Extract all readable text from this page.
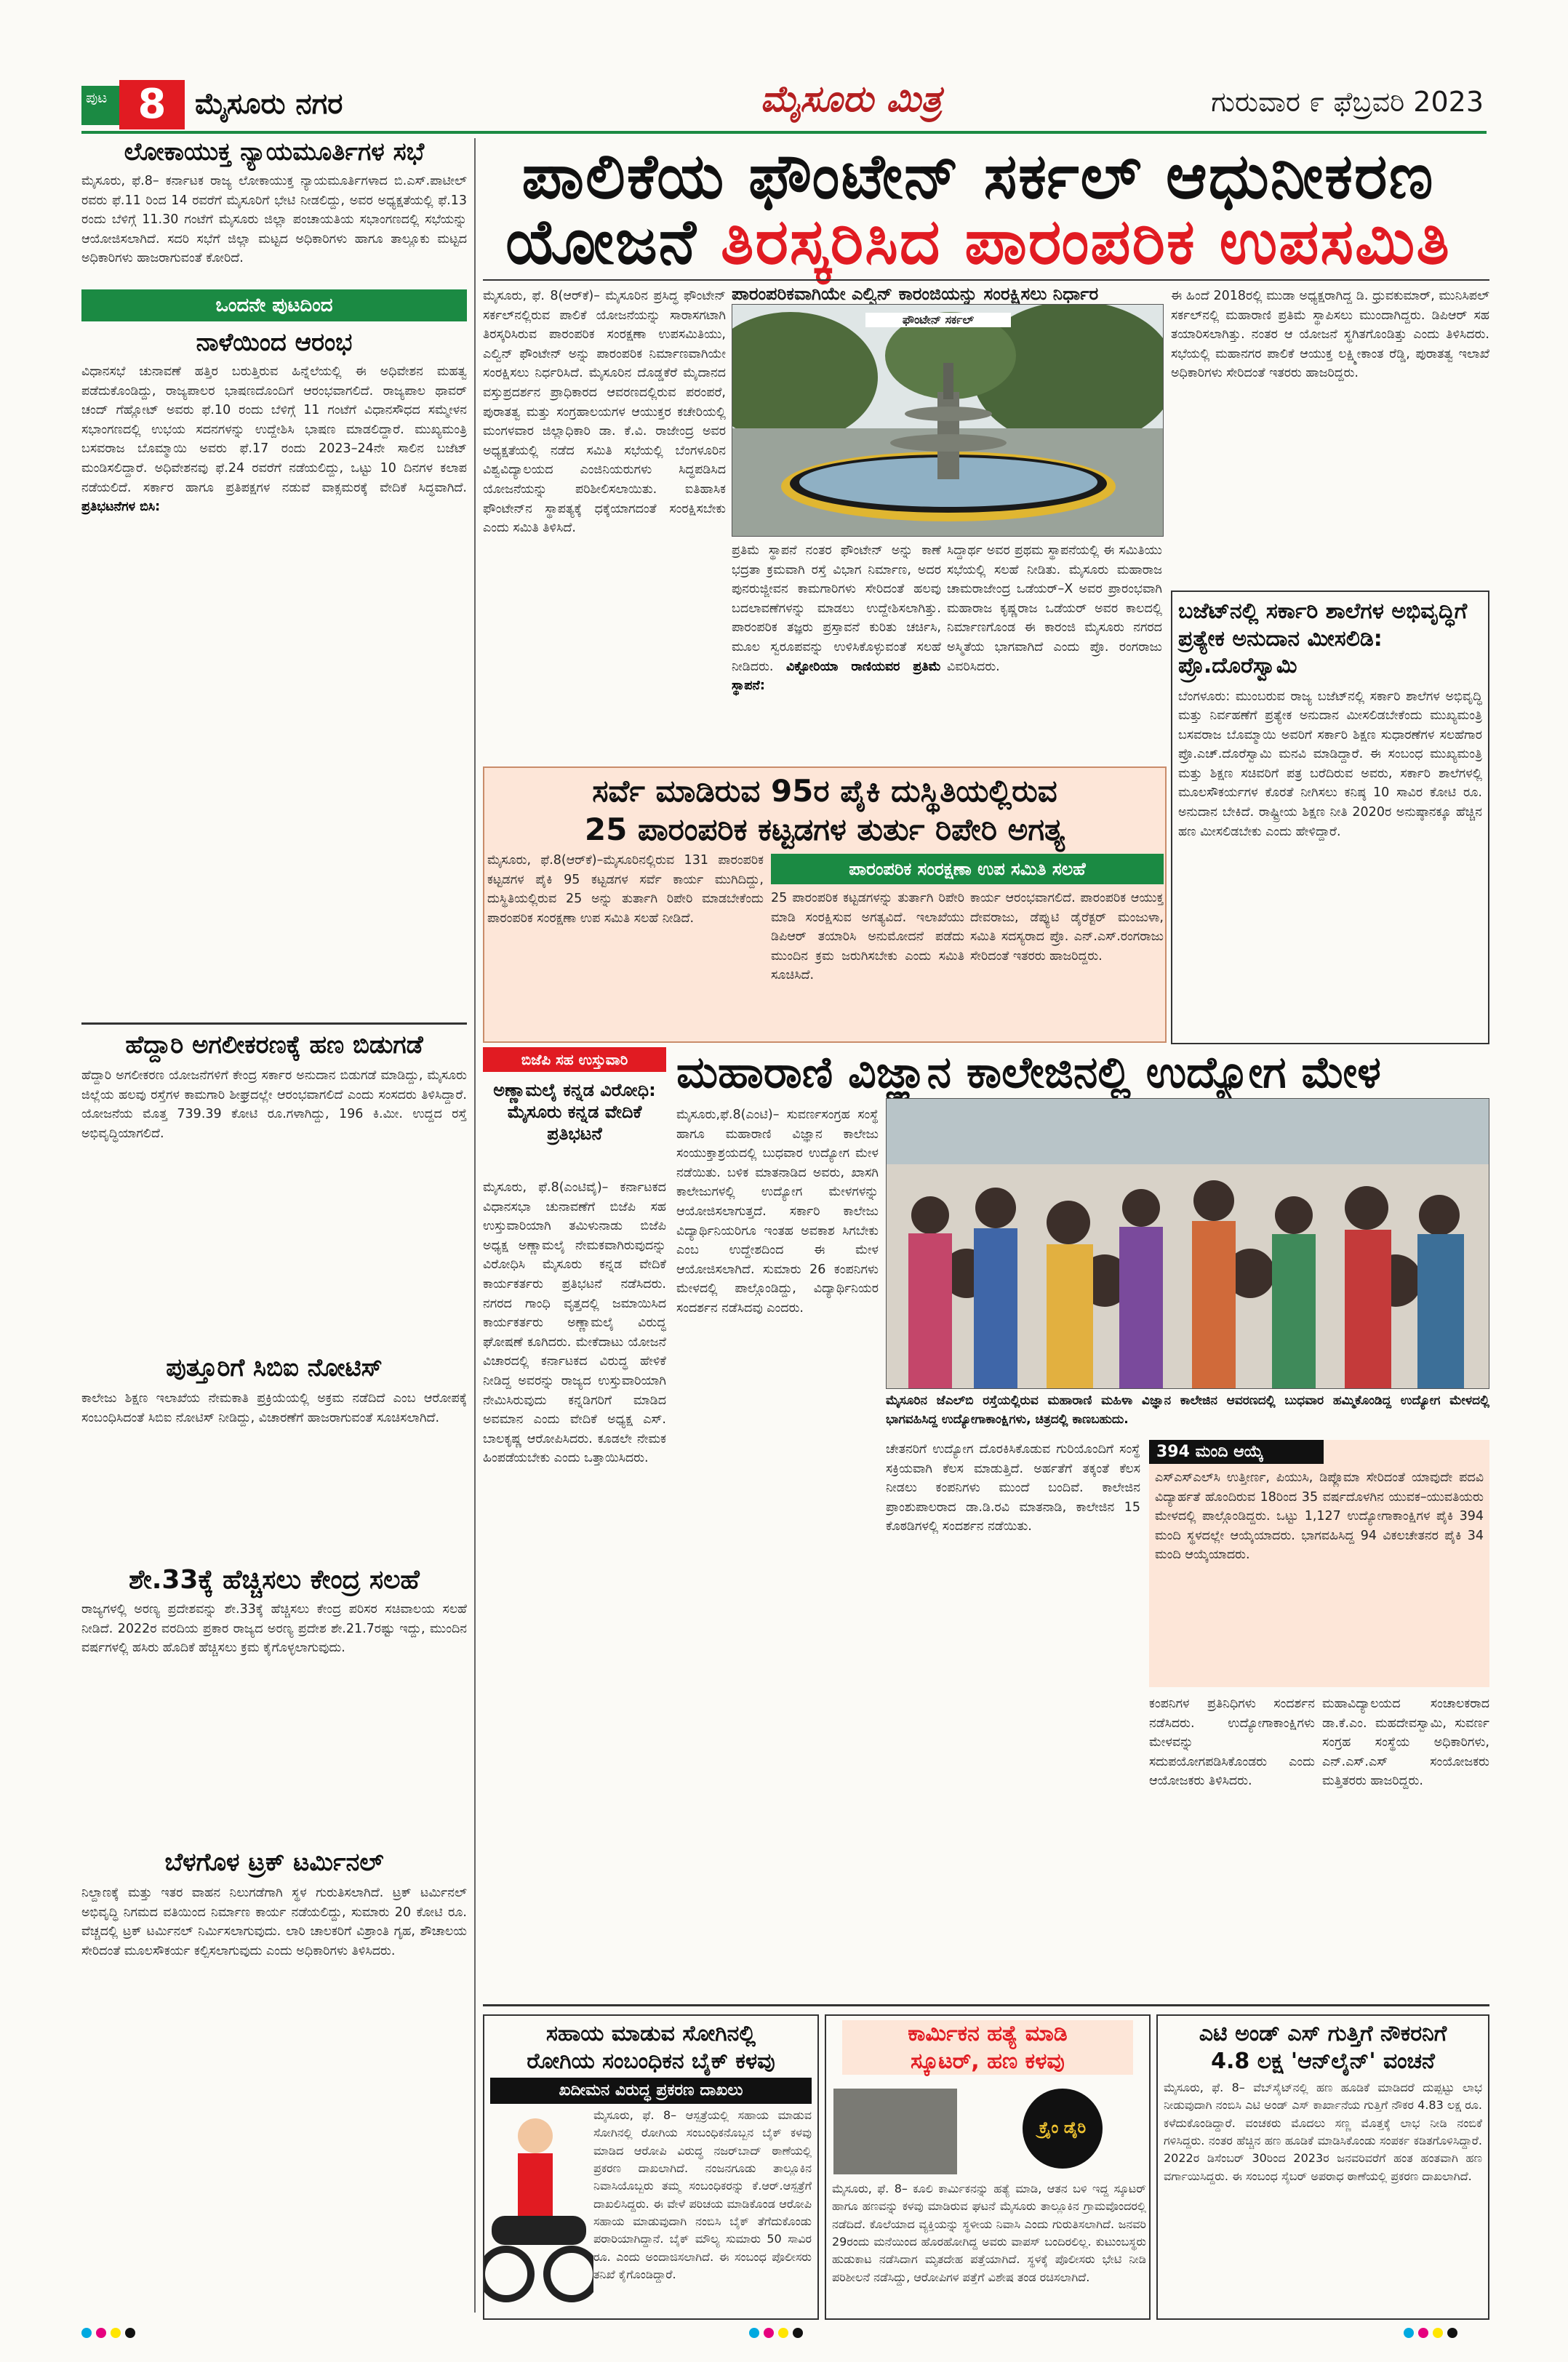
ಪುಟ 8 ಮೈಸೂರು ನಗರ	ಮೈಸೂರು ಮಿತ್ರ	ಗುರುವಾರ ೯ ಫೆಬ್ರವರಿ 2023
ಲೋಕಾಯುಕ್ತ ನ್ಯಾಯಮೂರ್ತಿಗಳ ಸಭೆ
ಮೈಸೂರು, ಫೆ.8– ಕರ್ನಾಟಕ ರಾಜ್ಯ ಲೋಕಾಯುಕ್ತ ನ್ಯಾಯಮೂರ್ತಿಗಳಾದ ಬಿ.ಎಸ್.ಪಾಟೀಲ್ ರವರು ಫೆ.11 ರಿಂದ 14 ರವರೆಗೆ ಮೈಸೂರಿಗೆ ಭೇಟಿ ನೀಡಲಿದ್ದು, ಅವರ ಅಧ್ಯಕ್ಷತೆಯಲ್ಲಿ ಫೆ.13 ರಂದು ಬೆಳಿಗ್ಗೆ 11.30 ಗಂಟೆಗೆ ಮೈಸೂರು ಜಿಲ್ಲಾ ಪಂಚಾಯತಿಯ ಸಭಾಂಗಣದಲ್ಲಿ ಸಭೆಯನ್ನು ಆಯೋಜಿಸಲಾಗಿದೆ. ಸದರಿ ಸಭೆಗೆ ಜಿಲ್ಲಾ ಮಟ್ಟದ ಅಧಿಕಾರಿಗಳು ಹಾಗೂ ತಾಲ್ಲೂಕು ಮಟ್ಟದ ಅಧಿಕಾರಿಗಳು ಹಾಜರಾಗುವಂತೆ ಕೋರಿದೆ.
ಒಂದನೇ ಪುಟದಿಂದ
ನಾಳೆಯಿಂದ ಆರಂಭ
ವಿಧಾನಸಭೆ ಚುನಾವಣೆ ಹತ್ತಿರ ಬರುತ್ತಿರುವ ಹಿನ್ನೆಲೆಯಲ್ಲಿ ಈ ಅಧಿವೇಶನ ಮಹತ್ವ ಪಡೆದುಕೊಂಡಿದ್ದು, ರಾಜ್ಯಪಾಲರ ಭಾಷಣದೊಂದಿಗೆ ಆರಂಭವಾಗಲಿದೆ. ರಾಜ್ಯಪಾಲ ಥಾವರ್ ಚಂದ್ ಗೆಹ್ಲೋಟ್ ಅವರು ಫೆ.10 ರಂದು ಬೆಳಿಗ್ಗೆ 11 ಗಂಟೆಗೆ ವಿಧಾನಸೌಧದ ಸಮ್ಮೇಳನ ಸಭಾಂಗಣದಲ್ಲಿ ಉಭಯ ಸದನಗಳನ್ನು ಉದ್ದೇಶಿಸಿ ಭಾಷಣ ಮಾಡಲಿದ್ದಾರೆ. ಮುಖ್ಯಮಂತ್ರಿ ಬಸವರಾಜ ಬೊಮ್ಮಾಯಿ ಅವರು ಫೆ.17 ರಂದು 2023–24ನೇ ಸಾಲಿನ ಬಜೆಟ್ ಮಂಡಿಸಲಿದ್ದಾರೆ. ಅಧಿವೇಶನವು ಫೆ.24 ರವರೆಗೆ ನಡೆಯಲಿದ್ದು, ಒಟ್ಟು 10 ದಿನಗಳ ಕಲಾಪ ನಡೆಯಲಿದೆ. ಸರ್ಕಾರ ಹಾಗೂ ಪ್ರತಿಪಕ್ಷಗಳ ನಡುವೆ ವಾಕ್ಸಮರಕ್ಕೆ ವೇದಿಕೆ ಸಿದ್ಧವಾಗಿದೆ. ಪ್ರತಿಭಟನೆಗಳ ಬಿಸಿ:
ಹೆದ್ದಾರಿ ಅಗಲೀಕರಣಕ್ಕೆ ಹಣ ಬಿಡುಗಡೆ
ಹೆದ್ದಾರಿ ಅಗಲೀಕರಣ ಯೋಜನೆಗಳಿಗೆ ಕೇಂದ್ರ ಸರ್ಕಾರ ಅನುದಾನ ಬಿಡುಗಡೆ ಮಾಡಿದ್ದು, ಮೈಸೂರು ಜಿಲ್ಲೆಯ ಹಲವು ರಸ್ತೆಗಳ ಕಾಮಗಾರಿ ಶೀಘ್ರದಲ್ಲೇ ಆರಂಭವಾಗಲಿದೆ ಎಂದು ಸಂಸದರು ತಿಳಿಸಿದ್ದಾರೆ. ಯೋಜನೆಯ ಮೊತ್ತ 739.39 ಕೋಟಿ ರೂ.ಗಳಾಗಿದ್ದು, 196 ಕಿ.ಮೀ. ಉದ್ದದ ರಸ್ತೆ ಅಭಿವೃದ್ಧಿಯಾಗಲಿದೆ.
ಪುತ್ತೂರಿಗೆ ಸಿಬಿಐ ನೋಟಿಸ್
ಕಾಲೇಜು ಶಿಕ್ಷಣ ಇಲಾಖೆಯ ನೇಮಕಾತಿ ಪ್ರಕ್ರಿಯೆಯಲ್ಲಿ ಅಕ್ರಮ ನಡೆದಿದೆ ಎಂಬ ಆರೋಪಕ್ಕೆ ಸಂಬಂಧಿಸಿದಂತೆ ಸಿಬಿಐ ನೋಟಿಸ್ ನೀಡಿದ್ದು, ವಿಚಾರಣೆಗೆ ಹಾಜರಾಗುವಂತೆ ಸೂಚಿಸಲಾಗಿದೆ.
ಶೇ.33ಕ್ಕೆ ಹೆಚ್ಚಿಸಲು ಕೇಂದ್ರ ಸಲಹೆ
ರಾಜ್ಯಗಳಲ್ಲಿ ಅರಣ್ಯ ಪ್ರದೇಶವನ್ನು ಶೇ.33ಕ್ಕೆ ಹೆಚ್ಚಿಸಲು ಕೇಂದ್ರ ಪರಿಸರ ಸಚಿವಾಲಯ ಸಲಹೆ ನೀಡಿದೆ. 2022ರ ವರದಿಯ ಪ್ರಕಾರ ರಾಜ್ಯದ ಅರಣ್ಯ ಪ್ರದೇಶ ಶೇ.21.7ರಷ್ಟು ಇದ್ದು, ಮುಂದಿನ ವರ್ಷಗಳಲ್ಲಿ ಹಸಿರು ಹೊದಿಕೆ ಹೆಚ್ಚಿಸಲು ಕ್ರಮ ಕೈಗೊಳ್ಳಲಾಗುವುದು.
ಬೆಳಗೊಳ ಟ್ರಕ್ ಟರ್ಮಿನಲ್
ನಿಲ್ದಾಣಕ್ಕೆ ಮತ್ತು ಇತರ ವಾಹನ ನಿಲುಗಡೆಗಾಗಿ ಸ್ಥಳ ಗುರುತಿಸಲಾಗಿದೆ. ಟ್ರಕ್ ಟರ್ಮಿನಲ್ ಅಭಿವೃದ್ಧಿ ನಿಗಮದ ವತಿಯಿಂದ ನಿರ್ಮಾಣ ಕಾರ್ಯ ನಡೆಯಲಿದ್ದು, ಸುಮಾರು 20 ಕೋಟಿ ರೂ. ವೆಚ್ಚದಲ್ಲಿ ಟ್ರಕ್ ಟರ್ಮಿನಲ್ ನಿರ್ಮಿಸಲಾಗುವುದು. ಲಾರಿ ಚಾಲಕರಿಗೆ ವಿಶ್ರಾಂತಿ ಗೃಹ, ಶೌಚಾಲಯ ಸೇರಿದಂತೆ ಮೂಲಸೌಕರ್ಯ ಕಲ್ಪಿಸಲಾಗುವುದು ಎಂದು ಅಧಿಕಾರಿಗಳು ತಿಳಿಸಿದರು.
ಪಾಲಿಕೆಯ ಫೌಂಟೇನ್ ಸರ್ಕಲ್ ಆಧುನೀಕರಣ
ಯೋಜನೆ ತಿರಸ್ಕರಿಸಿದ ಪಾರಂಪರಿಕ ಉಪಸಮಿತಿ
ಮೈಸೂರು, ಫೆ. 8(ಆರ್‌ಕೆ)– ಮೈಸೂರಿನ ಪ್ರಸಿದ್ಧ ಫೌಂಟೇನ್ ಸರ್ಕಲ್‌ನಲ್ಲಿರುವ ಪಾಲಿಕೆ ಯೋಜನೆಯನ್ನು ಸಾರಾಸಗಟಾಗಿ ತಿರಸ್ಕರಿಸಿರುವ ಪಾರಂಪರಿಕ ಸಂರಕ್ಷಣಾ ಉಪಸಮಿತಿಯು, ಎಲ್ವಿನ್ ಫೌಂಟೇನ್ ಅನ್ನು ಪಾರಂಪರಿಕ ನಿರ್ಮಾಣವಾಗಿಯೇ ಸಂರಕ್ಷಿಸಲು ನಿರ್ಧರಿಸಿದೆ. ಮೈಸೂರಿನ ದೊಡ್ಡಕೆರೆ ಮೈದಾನದ ವಸ್ತುಪ್ರದರ್ಶನ ಪ್ರಾಧಿಕಾರದ ಆವರಣದಲ್ಲಿರುವ ಪರಂಪರೆ, ಪುರಾತತ್ವ ಮತ್ತು ಸಂಗ್ರಹಾಲಯಗಳ ಆಯುಕ್ತರ ಕಚೇರಿಯಲ್ಲಿ ಮಂಗಳವಾರ ಜಿಲ್ಲಾಧಿಕಾರಿ ಡಾ. ಕೆ.ವಿ. ರಾಜೇಂದ್ರ ಅವರ ಅಧ್ಯಕ್ಷತೆಯಲ್ಲಿ ನಡೆದ ಸಮಿತಿ ಸಭೆಯಲ್ಲಿ ಬೆಂಗಳೂರಿನ ವಿಶ್ವವಿದ್ಯಾಲಯದ ಎಂಜಿನಿಯರುಗಳು ಸಿದ್ಧಪಡಿಸಿದ ಯೋಜನೆಯನ್ನು ಪರಿಶೀಲಿಸಲಾಯಿತು. ಐತಿಹಾಸಿಕ ಫೌಂಟೇನ್‌ನ ಸ್ಥಾಪತ್ಯಕ್ಕೆ ಧಕ್ಕೆಯಾಗದಂತೆ ಸಂರಕ್ಷಿಸಬೇಕು ಎಂದು ಸಮಿತಿ ತಿಳಿಸಿದೆ.
ಪಾರಂಪರಿಕವಾಗಿಯೇ ಎಲ್ವಿನ್ ಕಾರಂಜಿಯನ್ನು ಸಂರಕ್ಷಿಸಲು ನಿರ್ಧಾರ
ಫೌಂಟೇನ್ ಸರ್ಕಲ್
ಪ್ರತಿಮೆ ಸ್ಥಾಪನೆ ನಂತರ ಫೌಂಟೇನ್ ಅನ್ನು ಕಾಣೆ ಭದ್ರತಾ ಕ್ರಮವಾಗಿ ರಸ್ತೆ ವಿಭಾಗ ನಿರ್ಮಾಣ, ಅದರ ಪುನರುಜ್ಜೀವನ ಕಾಮಗಾರಿಗಳು ಸೇರಿದಂತೆ ಹಲವು ಬದಲಾವಣೆಗಳನ್ನು ಮಾಡಲು ಉದ್ದೇಶಿಸಲಾಗಿತ್ತು. ಪಾರಂಪರಿಕ ತಜ್ಞರು ಪ್ರಸ್ತಾವನೆ ಕುರಿತು ಚರ್ಚಿಸಿ, ಮೂಲ ಸ್ವರೂಪವನ್ನು ಉಳಿಸಿಕೊಳ್ಳುವಂತೆ ಸಲಹೆ ನೀಡಿದರು. ವಿಕ್ಟೋರಿಯಾ ರಾಣಿಯವರ ಪ್ರತಿಮೆ ಸ್ಥಾಪನೆ:
ಸಿದ್ದಾರ್ಥ ಅವರ ಪ್ರಥಮ ಸ್ಥಾಪನೆಯಲ್ಲಿ ಈ ಸಮಿತಿಯು ಸಭೆಯಲ್ಲಿ ಸಲಹೆ ನೀಡಿತು. ಮೈಸೂರು ಮಹಾರಾಜ ಚಾಮರಾಜೇಂದ್ರ ಒಡೆಯರ್–X ಅವರ ಪ್ರಾರಂಭವಾಗಿ ಮಹಾರಾಜ ಕೃಷ್ಣರಾಜ ಒಡೆಯರ್ ಅವರ ಕಾಲದಲ್ಲಿ ನಿರ್ಮಾಣಗೊಂಡ ಈ ಕಾರಂಜಿ ಮೈಸೂರು ನಗರದ ಅಸ್ಮಿತೆಯ ಭಾಗವಾಗಿದೆ ಎಂದು ಪ್ರೊ. ರಂಗರಾಜು ವಿವರಿಸಿದರು.
ಈ ಹಿಂದೆ 2018ರಲ್ಲಿ ಮುಡಾ ಅಧ್ಯಕ್ಷರಾಗಿದ್ದ ಡಿ. ಧ್ರುವಕುಮಾರ್, ಮುನಿಸಿಪಲ್ ಸರ್ಕಲ್‌ನಲ್ಲಿ ಮಹಾರಾಣಿ ಪ್ರತಿಮೆ ಸ್ಥಾಪಿಸಲು ಮುಂದಾಗಿದ್ದರು. ಡಿಪಿಆರ್ ಸಹ ತಯಾರಿಸಲಾಗಿತ್ತು. ನಂತರ ಆ ಯೋಜನೆ ಸ್ಥಗಿತಗೊಂಡಿತ್ತು ಎಂದು ತಿಳಿಸಿದರು. ಸಭೆಯಲ್ಲಿ ಮಹಾನಗರ ಪಾಲಿಕೆ ಆಯುಕ್ತ ಲಕ್ಷ್ಮೀಕಾಂತ ರೆಡ್ಡಿ, ಪುರಾತತ್ವ ಇಲಾಖೆ ಅಧಿಕಾರಿಗಳು ಸೇರಿದಂತೆ ಇತರರು ಹಾಜರಿದ್ದರು.
ಬಜೆಟ್‌ನಲ್ಲಿ ಸರ್ಕಾರಿ ಶಾಲೆಗಳ ಅಭಿವೃದ್ಧಿಗೆ ಪ್ರತ್ಯೇಕ ಅನುದಾನ ಮೀಸಲಿಡಿ: ಪ್ರೊ.ದೊರೆಸ್ವಾಮಿ
ಬೆಂಗಳೂರು: ಮುಂಬರುವ ರಾಜ್ಯ ಬಜೆಟ್‌ನಲ್ಲಿ ಸರ್ಕಾರಿ ಶಾಲೆಗಳ ಅಭಿವೃದ್ಧಿ ಮತ್ತು ನಿರ್ವಹಣೆಗೆ ಪ್ರತ್ಯೇಕ ಅನುದಾನ ಮೀಸಲಿಡಬೇಕೆಂದು ಮುಖ್ಯಮಂತ್ರಿ ಬಸವರಾಜ ಬೊಮ್ಮಾಯಿ ಅವರಿಗೆ ಸರ್ಕಾರಿ ಶಿಕ್ಷಣ ಸುಧಾರಣೆಗಳ ಸಲಹೆಗಾರ ಪ್ರೊ.ಎಚ್.ದೊರೆಸ್ವಾಮಿ ಮನವಿ ಮಾಡಿದ್ದಾರೆ. ಈ ಸಂಬಂಧ ಮುಖ್ಯಮಂತ್ರಿ ಮತ್ತು ಶಿಕ್ಷಣ ಸಚಿವರಿಗೆ ಪತ್ರ ಬರೆದಿರುವ ಅವರು, ಸರ್ಕಾರಿ ಶಾಲೆಗಳಲ್ಲಿ ಮೂಲಸೌಕರ್ಯಗಳ ಕೊರತೆ ನೀಗಿಸಲು ಕನಿಷ್ಠ 10 ಸಾವಿರ ಕೋಟಿ ರೂ. ಅನುದಾನ ಬೇಕಿದೆ. ರಾಷ್ಟ್ರೀಯ ಶಿಕ್ಷಣ ನೀತಿ 2020ರ ಅನುಷ್ಠಾನಕ್ಕೂ ಹೆಚ್ಚಿನ ಹಣ ಮೀಸಲಿಡಬೇಕು ಎಂದು ಹೇಳಿದ್ದಾರೆ.
ಸರ್ವೆ ಮಾಡಿರುವ 95ರ ಪೈಕಿ ದುಸ್ಥಿತಿಯಲ್ಲಿರುವ
25 ಪಾರಂಪರಿಕ ಕಟ್ಟಡಗಳ ತುರ್ತು ರಿಪೇರಿ ಅಗತ್ಯ
ಪಾರಂಪರಿಕ ಸಂರಕ್ಷಣಾ ಉಪ ಸಮಿತಿ ಸಲಹೆ
ಮೈಸೂರು, ಫೆ.8(ಆರ್‌ಕೆ)–ಮೈಸೂರಿನಲ್ಲಿರುವ 131 ಪಾರಂಪರಿಕ ಕಟ್ಟಡಗಳ ಪೈಕಿ 95 ಕಟ್ಟಡಗಳ ಸರ್ವೆ ಕಾರ್ಯ ಮುಗಿದಿದ್ದು, ದುಸ್ಥಿತಿಯಲ್ಲಿರುವ 25 ಅನ್ನು ತುರ್ತಾಗಿ ರಿಪೇರಿ ಮಾಡಬೇಕೆಂದು ಪಾರಂಪರಿಕ ಸಂರಕ್ಷಣಾ ಉಪ ಸಮಿತಿ ಸಲಹೆ ನೀಡಿದೆ.
25 ಪಾರಂಪರಿಕ ಕಟ್ಟಡಗಳನ್ನು ತುರ್ತಾಗಿ ರಿಪೇರಿ ಮಾಡಿ ಸಂರಕ್ಷಿಸುವ ಅಗತ್ಯವಿದೆ. ಇಲಾಖೆಯು ಡಿಪಿಆರ್ ತಯಾರಿಸಿ ಅನುಮೋದನೆ ಪಡೆದು ಮುಂದಿನ ಕ್ರಮ ಜರುಗಿಸಬೇಕು ಎಂದು ಸಮಿತಿ ಸೂಚಿಸಿದೆ.
ಕಾರ್ಯ ಆರಂಭವಾಗಲಿದೆ. ಪಾರಂಪರಿಕ ಆಯುಕ್ತ ದೇವರಾಜು, ಡೆಪ್ಯುಟಿ ಡೈರೆಕ್ಟರ್ ಮಂಜುಳಾ, ಸಮಿತಿ ಸದಸ್ಯರಾದ ಪ್ರೊ. ಎನ್.ಎಸ್.ರಂಗರಾಜು ಸೇರಿದಂತೆ ಇತರರು ಹಾಜರಿದ್ದರು.
ಬಿಜೆಪಿ ಸಹ ಉಸ್ತುವಾರಿ
ಅಣ್ಣಾಮಲೈ ಕನ್ನಡ ವಿರೋಧಿ: ಮೈಸೂರು ಕನ್ನಡ ವೇದಿಕೆ ಪ್ರತಿಭಟನೆ
ಮೈಸೂರು, ಫೆ.8(ಎಂಟಿವೈ)– ಕರ್ನಾಟಕದ ವಿಧಾನಸಭಾ ಚುನಾವಣೆಗೆ ಬಿಜೆಪಿ ಸಹ ಉಸ್ತುವಾರಿಯಾಗಿ ತಮಿಳುನಾಡು ಬಿಜೆಪಿ ಅಧ್ಯಕ್ಷ ಅಣ್ಣಾಮಲೈ ನೇಮಕವಾಗಿರುವುದನ್ನು ವಿರೋಧಿಸಿ ಮೈಸೂರು ಕನ್ನಡ ವೇದಿಕೆ ಕಾರ್ಯಕರ್ತರು ಪ್ರತಿಭಟನೆ ನಡೆಸಿದರು. ನಗರದ ಗಾಂಧಿ ವೃತ್ತದಲ್ಲಿ ಜಮಾಯಿಸಿದ ಕಾರ್ಯಕರ್ತರು ಅಣ್ಣಾಮಲೈ ವಿರುದ್ಧ ಘೋಷಣೆ ಕೂಗಿದರು. ಮೇಕೆದಾಟು ಯೋಜನೆ ವಿಚಾರದಲ್ಲಿ ಕರ್ನಾಟಕದ ವಿರುದ್ಧ ಹೇಳಿಕೆ ನೀಡಿದ್ದ ಅವರನ್ನು ರಾಜ್ಯದ ಉಸ್ತುವಾರಿಯಾಗಿ ನೇಮಿಸಿರುವುದು ಕನ್ನಡಿಗರಿಗೆ ಮಾಡಿದ ಅವಮಾನ ಎಂದು ವೇದಿಕೆ ಅಧ್ಯಕ್ಷ ಎಸ್. ಬಾಲಕೃಷ್ಣ ಆರೋಪಿಸಿದರು. ಕೂಡಲೇ ನೇಮಕ ಹಿಂಪಡೆಯಬೇಕು ಎಂದು ಒತ್ತಾಯಿಸಿದರು.
ಮಹಾರಾಣಿ ವಿಜ್ಞಾನ ಕಾಲೇಜಿನಲ್ಲಿ ಉದ್ಯೋಗ ಮೇಳ
ಮೈಸೂರು,ಫೆ.8(ಎಂಟಿ)– ಸುವರ್ಣಸಂಗ್ರಹ ಸಂಸ್ಥೆ ಹಾಗೂ ಮಹಾರಾಣಿ ವಿಜ್ಞಾನ ಕಾಲೇಜು ಸಂಯುಕ್ತಾಶ್ರಯದಲ್ಲಿ ಬುಧವಾರ ಉದ್ಯೋಗ ಮೇಳ ನಡೆಯಿತು. ಬಳಿಕ ಮಾತನಾಡಿದ ಅವರು, ಖಾಸಗಿ ಕಾಲೇಜುಗಳಲ್ಲಿ ಉದ್ಯೋಗ ಮೇಳಗಳನ್ನು ಆಯೋಜಿಸಲಾಗುತ್ತದೆ. ಸರ್ಕಾರಿ ಕಾಲೇಜು ವಿದ್ಯಾರ್ಥಿನಿಯರಿಗೂ ಇಂತಹ ಅವಕಾಶ ಸಿಗಬೇಕು ಎಂಬ ಉದ್ದೇಶದಿಂದ ಈ ಮೇಳ ಆಯೋಜಿಸಲಾಗಿದೆ. ಸುಮಾರು 26 ಕಂಪನಿಗಳು ಮೇಳದಲ್ಲಿ ಪಾಲ್ಗೊಂಡಿದ್ದು, ವಿದ್ಯಾರ್ಥಿನಿಯರ ಸಂದರ್ಶನ ನಡೆಸಿದವು ಎಂದರು.
ಮೈಸೂರಿನ ಜೆಎಲ್‌ಬಿ ರಸ್ತೆಯಲ್ಲಿರುವ ಮಹಾರಾಣಿ ಮಹಿಳಾ ವಿಜ್ಞಾನ ಕಾಲೇಜಿನ ಆವರಣದಲ್ಲಿ ಬುಧವಾರ ಹಮ್ಮಿಕೊಂಡಿದ್ದ ಉದ್ಯೋಗ ಮೇಳದಲ್ಲಿ ಭಾಗವಹಿಸಿದ್ದ ಉದ್ಯೋಗಾಕಾಂಕ್ಷಿಗಳು, ಚಿತ್ರದಲ್ಲಿ ಕಾಣಬಹುದು.
ಚೇತನರಿಗೆ ಉದ್ಯೋಗ ದೊರಕಿಸಿಕೊಡುವ ಗುರಿಯೊಂದಿಗೆ ಸಂಸ್ಥೆ ಸಕ್ರಿಯವಾಗಿ ಕೆಲಸ ಮಾಡುತ್ತಿದೆ. ಅರ್ಹತೆಗೆ ತಕ್ಕಂತೆ ಕೆಲಸ ನೀಡಲು ಕಂಪನಿಗಳು ಮುಂದೆ ಬಂದಿವೆ. ಕಾಲೇಜಿನ ಪ್ರಾಂಶುಪಾಲರಾದ ಡಾ.ಡಿ.ರವಿ ಮಾತನಾಡಿ, ಕಾಲೇಜಿನ 15 ಕೊಠಡಿಗಳಲ್ಲಿ ಸಂದರ್ಶನ ನಡೆಯಿತು.
394 ಮಂದಿ ಆಯ್ಕೆ
ಎಸ್‌ಎಸ್‌ಎಲ್‌ಸಿ ಉತ್ತೀರ್ಣ, ಪಿಯುಸಿ, ಡಿಪ್ಲೊಮಾ ಸೇರಿದಂತೆ ಯಾವುದೇ ಪದವಿ ವಿದ್ಯಾರ್ಹತೆ ಹೊಂದಿರುವ 18ರಿಂದ 35 ವರ್ಷದೊಳಗಿನ ಯುವಕ–ಯುವತಿಯರು ಮೇಳದಲ್ಲಿ ಪಾಲ್ಗೊಂಡಿದ್ದರು. ಒಟ್ಟು 1,127 ಉದ್ಯೋಗಾಕಾಂಕ್ಷಿಗಳ ಪೈಕಿ 394 ಮಂದಿ ಸ್ಥಳದಲ್ಲೇ ಆಯ್ಕೆಯಾದರು. ಭಾಗವಹಿಸಿದ್ದ 94 ವಿಕಲಚೇತನರ ಪೈಕಿ 34 ಮಂದಿ ಆಯ್ಕೆಯಾದರು.
ಕಂಪನಿಗಳ ಪ್ರತಿನಿಧಿಗಳು ಸಂದರ್ಶನ ನಡೆಸಿದರು. ಉದ್ಯೋಗಾಕಾಂಕ್ಷಿಗಳು ಮೇಳವನ್ನು ಸದುಪಯೋಗಪಡಿಸಿಕೊಂಡರು ಎಂದು ಆಯೋಜಕರು ತಿಳಿಸಿದರು.
ಮಹಾವಿದ್ಯಾಲಯದ ಸಂಚಾಲಕರಾದ ಡಾ.ಕೆ.ಎಂ. ಮಹದೇವಸ್ವಾಮಿ, ಸುವರ್ಣ ಸಂಗ್ರಹ ಸಂಸ್ಥೆಯ ಅಧಿಕಾರಿಗಳು, ಎನ್.ಎಸ್.ಎಸ್ ಸಂಯೋಜಕರು ಮತ್ತಿತರರು ಹಾಜರಿದ್ದರು.
ಸಹಾಯ ಮಾಡುವ ಸೋಗಿನಲ್ಲಿ
ರೋಗಿಯ ಸಂಬಂಧಿಕನ ಬೈಕ್ ಕಳವು
ಖದೀಮನ ವಿರುದ್ಧ ಪ್ರಕರಣ ದಾಖಲು
ಮೈಸೂರು, ಫೆ. 8– ಆಸ್ಪತ್ರೆಯಲ್ಲಿ ಸಹಾಯ ಮಾಡುವ ಸೋಗಿನಲ್ಲಿ ರೋಗಿಯ ಸಂಬಂಧಿಕನೊಬ್ಬನ ಬೈಕ್ ಕಳವು ಮಾಡಿದ ಆರೋಪಿ ವಿರುದ್ಧ ನಜರ್‌ಬಾದ್ ಠಾಣೆಯಲ್ಲಿ ಪ್ರಕರಣ ದಾಖಲಾಗಿದೆ. ನಂಜನಗೂಡು ತಾಲ್ಲೂಕಿನ ನಿವಾಸಿಯೊಬ್ಬರು ತಮ್ಮ ಸಂಬಂಧಿಕರನ್ನು ಕೆ.ಆರ್.ಆಸ್ಪತ್ರೆಗೆ ದಾಖಲಿಸಿದ್ದರು. ಈ ವೇಳೆ ಪರಿಚಯ ಮಾಡಿಕೊಂಡ ಆರೋಪಿ ಸಹಾಯ ಮಾಡುವುದಾಗಿ ನಂಬಿಸಿ ಬೈಕ್ ತೆಗೆದುಕೊಂಡು ಪರಾರಿಯಾಗಿದ್ದಾನೆ. ಬೈಕ್ ಮೌಲ್ಯ ಸುಮಾರು 50 ಸಾವಿರ ರೂ. ಎಂದು ಅಂದಾಜಿಸಲಾಗಿದೆ. ಈ ಸಂಬಂಧ ಪೊಲೀಸರು ತನಿಖೆ ಕೈಗೊಂಡಿದ್ದಾರೆ.
ಕಾರ್ಮಿಕನ ಹತ್ಯೆ ಮಾಡಿ
ಸ್ಕೂಟರ್, ಹಣ ಕಳವು
ಕ್ರೈಂ ಡೈರಿ
ಮೈಸೂರು, ಫೆ. 8– ಕೂಲಿ ಕಾರ್ಮಿಕನನ್ನು ಹತ್ಯೆ ಮಾಡಿ, ಆತನ ಬಳಿ ಇದ್ದ ಸ್ಕೂಟರ್ ಹಾಗೂ ಹಣವನ್ನು ಕಳವು ಮಾಡಿರುವ ಘಟನೆ ಮೈಸೂರು ತಾಲ್ಲೂಕಿನ ಗ್ರಾಮವೊಂದರಲ್ಲಿ ನಡೆದಿದೆ. ಕೊಲೆಯಾದ ವ್ಯಕ್ತಿಯನ್ನು ಸ್ಥಳೀಯ ನಿವಾಸಿ ಎಂದು ಗುರುತಿಸಲಾಗಿದೆ. ಜನವರಿ 29ರಂದು ಮನೆಯಿಂದ ಹೊರಹೋಗಿದ್ದ ಅವರು ವಾಪಸ್ ಬಂದಿರಲಿಲ್ಲ. ಕುಟುಂಬಸ್ಥರು ಹುಡುಕಾಟ ನಡೆಸಿದಾಗ ಮೃತದೇಹ ಪತ್ತೆಯಾಗಿದೆ. ಸ್ಥಳಕ್ಕೆ ಪೊಲೀಸರು ಭೇಟಿ ನೀಡಿ ಪರಿಶೀಲನೆ ನಡೆಸಿದ್ದು, ಆರೋಪಿಗಳ ಪತ್ತೆಗೆ ವಿಶೇಷ ತಂಡ ರಚಿಸಲಾಗಿದೆ.
ಎಟಿ ಅಂಡ್ ಎಸ್ ಗುತ್ತಿಗೆ ನೌಕರನಿಗೆ
4.8 ಲಕ್ಷ 'ಆನ್‌ಲೈನ್' ವಂಚನೆ
ಮೈಸೂರು, ಫೆ. 8– ವೆಬ್‌ಸೈಟ್‌ನಲ್ಲಿ ಹಣ ಹೂಡಿಕೆ ಮಾಡಿದರೆ ದುಪ್ಪಟ್ಟು ಲಾಭ ನೀಡುವುದಾಗಿ ನಂಬಿಸಿ ಎಟಿ ಅಂಡ್ ಎಸ್ ಕಾರ್ಖಾನೆಯ ಗುತ್ತಿಗೆ ನೌಕರ 4.83 ಲಕ್ಷ ರೂ. ಕಳೆದುಕೊಂಡಿದ್ದಾರೆ. ವಂಚಕರು ಮೊದಲು ಸಣ್ಣ ಮೊತ್ತಕ್ಕೆ ಲಾಭ ನೀಡಿ ನಂಬಿಕೆ ಗಳಿಸಿದ್ದರು. ನಂತರ ಹೆಚ್ಚಿನ ಹಣ ಹೂಡಿಕೆ ಮಾಡಿಸಿಕೊಂಡು ಸಂಪರ್ಕ ಕಡಿತಗೊಳಿಸಿದ್ದಾರೆ. 2022ರ ಡಿಸೆಂಬರ್ 30ರಿಂದ 2023ರ ಜನವರಿವರೆಗೆ ಹಂತ ಹಂತವಾಗಿ ಹಣ ವರ್ಗಾಯಿಸಿದ್ದರು. ಈ ಸಂಬಂಧ ಸೈಬರ್ ಅಪರಾಧ ಠಾಣೆಯಲ್ಲಿ ಪ್ರಕರಣ ದಾಖಲಾಗಿದೆ.
